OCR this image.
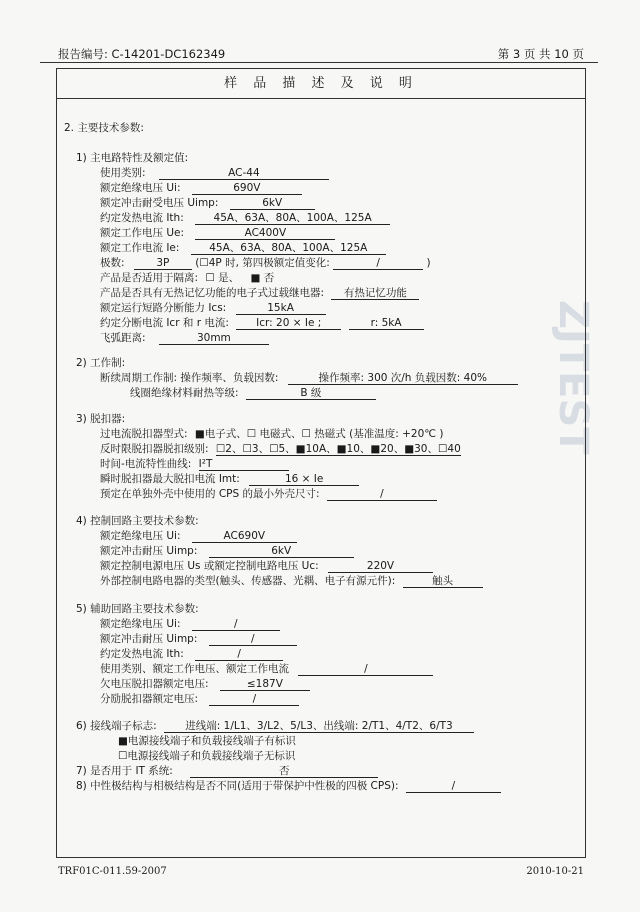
报告编号: C-14201-DC162349	第 3 页 共 10 页
ZJTEST
样 品 描 述 及 说 明
2. 主要技术参数:
1) 主电路特性及额定值:
使用类别:	AC-44
额定绝缘电压 Ui:	690V
额定冲击耐受电压 Uimp:	6kV
约定发热电流 Ith:	45A、63A、80A、100A、125A
额定工作电压 Ue:	AC400V
额定工作电流 Ie:	45A、63A、80A、100A、125A
极数:	3P (☐4P 时, 第四极额定值变化:	/	)
产品是否适用于隔离: ☐ 是、 ■ 否
产品是否具有无热记忆功能的电子式过载继电器: 有热记忆功能
额定运行短路分断能力 Ics:	15kA
约定分断电流 Icr 和 r 电流:	Icr: 20 × Ie ;	r: 5kA
飞弧距离:	30mm
2) 工作制:
断续周期工作制: 操作频率、负载因数:	操作频率: 300 次/h 负载因数: 40%
线圈绝缘材料耐热等级:	B 级
3) 脱扣器:
过电流脱扣器型式: ■电子式、☐ 电磁式、☐ 热磁式 (基准温度: +20℃ )
反时限脱扣器脱扣级别: ☐2、☐3、☐5、■10A、■10、■20、■30、☐40
时间-电流特性曲线: I²T
瞬时脱扣器最大脱扣电流 Imt:	16 × Ie
预定在单独外壳中使用的 CPS 的最小外壳尺寸:	/
4) 控制回路主要技术参数:
额定绝缘电压 Ui:	AC690V
额定冲击耐压 Uimp:	6kV
额定控制电源电压 Us 或额定控制电路电压 Uc:	220V
外部控制电路电器的类型(触头、传感器、光耦、电子有源元件):	触头
5) 辅助回路主要技术参数:
额定绝缘电压 Ui:	/
额定冲击耐压 Uimp:	/
约定发热电流 Ith:	/
使用类别、额定工作电压、额定工作电流	/
欠电压脱扣器额定电压:	≤187V
分励脱扣器额定电压:	/
6) 接线端子标志:	进线端: 1/L1、3/L2、5/L3、出线端: 2/T1、4/T2、6/T3
■电源接线端子和负载接线端子有标识
☐电源接线端子和负载接线端子无标识
7) 是否用于 IT 系统:	否
8) 中性极结构与相极结构是否不同(适用于带保护中性极的四极 CPS):	/
TRF01C-011.59-2007	2010-10-21
